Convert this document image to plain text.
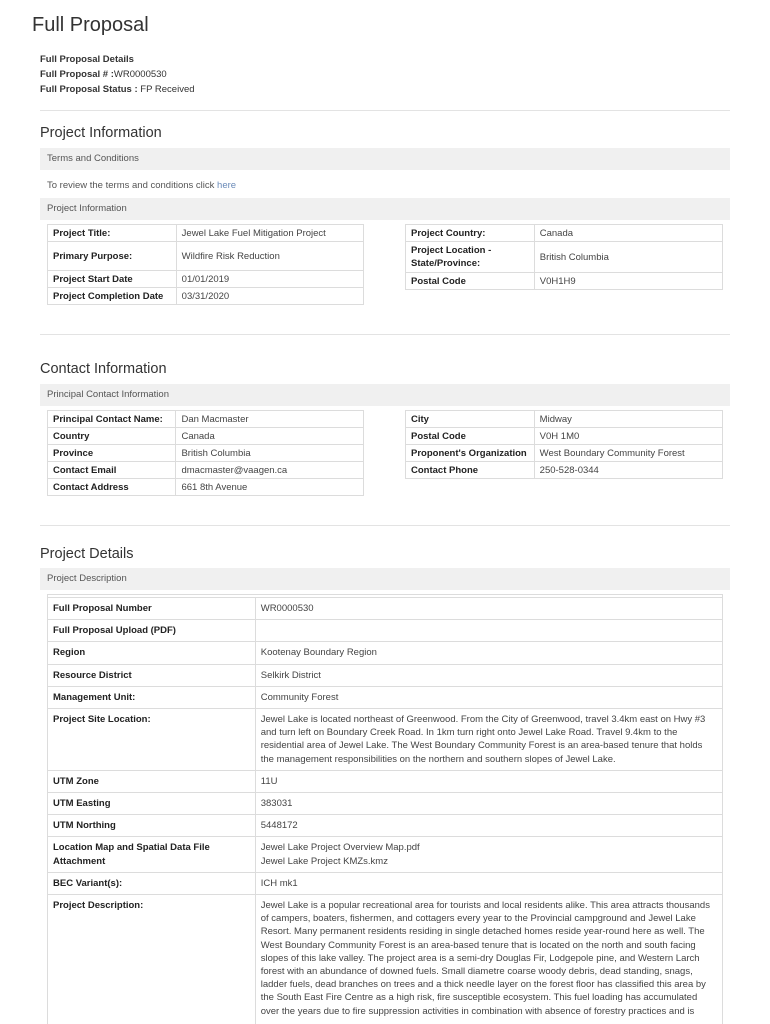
Full Proposal
Full Proposal Details
Full Proposal # :WR0000530
Full Proposal Status : FP Received
Project Information
Terms and Conditions
To review the terms and conditions click here
Project Information
Project Title:	Jewel Lake Fuel Mitigation Project
Primary Purpose:	Wildfire Risk Reduction
Project Start Date	01/01/2019
Project Completion Date	03/31/2020
Project Country:	Canada
Project Location - State/Province:	British Columbia
Postal Code	V0H1H9
Contact Information
Principal Contact Information
Principal Contact Name:	Dan Macmaster
Country	Canada
Province	British Columbia
Contact Email	dmacmaster@vaagen.ca
Contact Address	661 8th Avenue
City	Midway
Postal Code	V0H 1M0
Proponent's Organization	West Boundary Community Forest
Contact Phone	250-528-0344
Project Details
Project Description
Full Proposal Number	WR0000530
Full Proposal Upload (PDF)	
Region	Kootenay Boundary Region
Resource District	Selkirk District
Management Unit:	Community Forest
Project Site Location:	Jewel Lake is located northeast of Greenwood. From the City of Greenwood, travel 3.4km east on Hwy #3 and turn left on Boundary Creek Road. In 1km turn right onto Jewel Lake Road. Travel 9.4km to the residential area of Jewel Lake. The West Boundary Community Forest is an area-based tenure that holds the management responsibilities on the northern and southern slopes of Jewel Lake.
UTM Zone	11U
UTM Easting	383031
UTM Northing	5448172
Location Map and Spatial Data File Attachment	Jewel Lake Project Overview Map.pdf
Jewel Lake Project KMZs.kmz
BEC Variant(s):	ICH mk1
Project Description:	Jewel Lake is a popular recreational area for tourists and local residents alike. This area attracts thousands of campers, boaters, fishermen, and cottagers every year to the Provincial campground and Jewel Lake Resort. Many permanent residents residing in single detached homes reside year-round here as well. The West Boundary Community Forest is an area-based tenure that is located on the north and south facing slopes of this lake valley. The project area is a semi-dry Douglas Fir, Lodgepole pine, and Western Larch forest with an abundance of downed fuels. Small diametre coarse woody debris, dead standing, snags, ladder fuels, dead branches on trees and a thick needle layer on the forest floor has classified this area by the South East Fire Centre as a high risk, fire susceptible ecosystem. This fuel loading has accumulated over the years due to fire suppression activities in combination with absence of forestry practices and is
